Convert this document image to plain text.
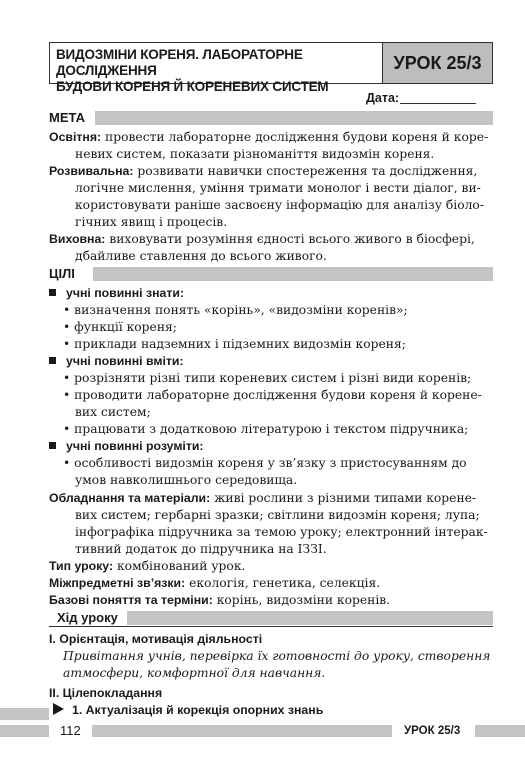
ВИДОЗМІНИ КОРЕНЯ. ЛАБОРАТОРНЕ ДОСЛІДЖЕННЯ
БУДОВИ КОРЕНЯ Й КОРЕНЕВИХ СИСТЕМ
УРОК 25/3
Дата:
МЕТА
Освітня: провести лабораторне дослідження будови кореня й коре-
невих систем, показати різноманіття видозмін кореня.
Розвивальна: розвивати навички спостереження та дослідження,
логічне мислення, уміння тримати монолог і вести діалог, ви-
користовувати раніше засвоєну інформацію для аналізу біоло-
гічних явищ і процесів.
Виховна: виховувати розуміння єдності всього живого в біосфері,
дбайливе ставлення до всього живого.
ЦІЛІ
учні повинні знати:
• визначення понять «корінь», «видозміни коренів»;
• функції кореня;
• приклади надземних і підземних видозмін кореня;
учні повинні вміти:
• розрізняти різні типи кореневих систем і різні види коренів;
• проводити лабораторне дослідження будови кореня й корене-
вих систем;
• працювати з додатковою літературою і текстом підручника;
учні повинні розуміти:
• особливості видозмін кореня у зв’язку з пристосуванням до
умов навколишнього середовища.
Обладнання та матеріали: живі рослини з різними типами корене-
вих систем; гербарні зразки; світлини видозмін кореня; лупа;
інфографіка підручника за темою уроку; електронний інтерак-
тивний додаток до підручника на ІЗЗІ.
Тип уроку: комбінований урок.
Міжпредметні зв’язки: екологія, генетика, селекція.
Базові поняття та терміни: корінь, видозміни коренів.
Хід уроку
I. Орієнтація, мотивація діяльності
Привітання учнів, перевірка їх готовності до уроку, створення
атмосфери, комфортної для навчання.
II. Цілепокладання
1. Актуалізація й корекція опорних знань
112	УРОК 25/3
